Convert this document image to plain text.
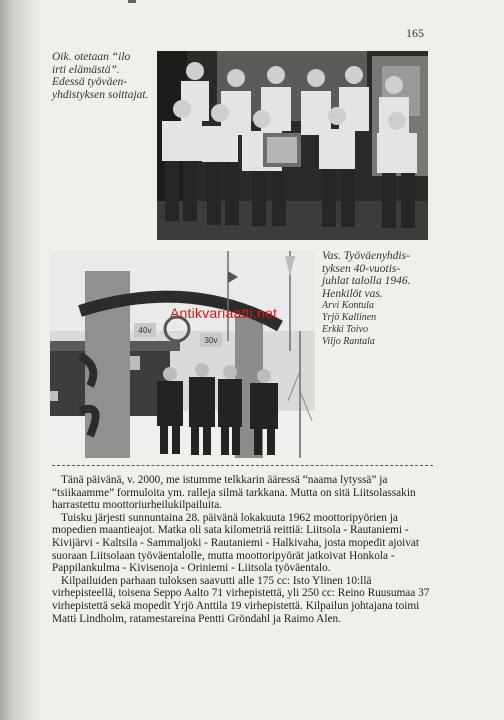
165
Oik. otetaan “ilo
irti elämästä”.
Edessä työväen-
yhdistyksen soittajat.
40v
30v
Antikvariaatti.net
Vas. Työväenyhdis-
tyksen 40-vuotis-
juhlat talolla 1946.
Henkilöt vas.
Arvi Kontula
Yrjö Kallinen
Erkki Toivo
Viljo Rantala

Tänä päivänä, v. 2000, me istumme telkkarin ääressä “naama lytyssä” ja “tsiikaamme” formuloita ym. ralleja silmä tarkkana. Mutta on sitä Liitsolassakin harrastettu moottoriurheilukilpailuita.

Tuisku järjesti sunnuntaina 28. päivänä lokakuuta 1962 moottoripyörien ja mopedien maantieajot. Matka oli sata kilometriä reittiä: Liitsola - Rautaniemi - Kivijärvi - Kaltsila - Sammaljoki - Rautaniemi - Halkivaha, josta mopedit ajoivat suoraan Liitsolaan työväentalolle, mutta moottoripyörät jatkoivat Honkola - Pappilankulma - Kivisenoja - Oriniemi - Liitsola työväentalo.

Kilpailuiden parhaan tuloksen saavutti alle 175 cc: Isto Ylinen 10:llä virhepisteellä, toisena Seppo Aalto 71 virhepistettä, yli 250 cc: Reino Ruusumaa 37 virhepistettä sekä mopedit Yrjö Anttila 19 virhepistettä. Kilpailun johtajana toimi Matti Lindholm, ratamestareina Pentti Gröndahl ja Raimo Alen.
